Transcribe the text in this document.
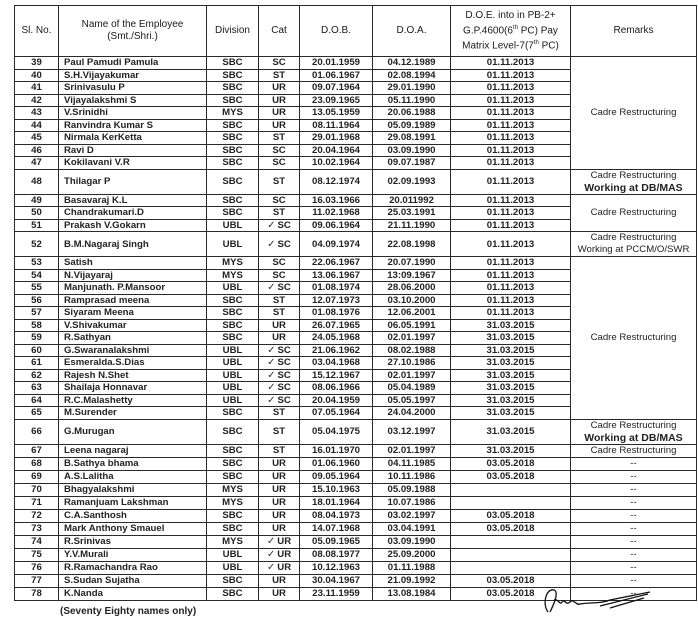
Sl. No.	Name of the Employee (Smt./Shri.)	Division	Cat	D.O.B.	D.O.A.	D.O.E. into in PB-2+ G.P.4600(6th PC) Pay Matrix Level-7(7th PC)	Remarks
39	Paul Pamudi Pamula	SBC	SC	20.01.1959	04.12.1989	01.11.2013	Cadre Restructuring

40	S.H.Vijayakumar	SBC	ST	01.06.1967	02.08.1994	01.11.2013	
41	Srinivasulu P	SBC	UR	09.07.1964	29.01.1990	01.11.2013	
42	Vijayalakshmi S	SBC	UR	23.09.1965	05.11.1990	01.11.2013	
43	V.Srinidhi	MYS	UR	13.05.1959	20.06.1988	01.11.2013	
44	Ranvindra Kumar S	SBC	UR	08.11.1964	05.09.1989	01.11.2013	
45	Nirmala KerKetta	SBC	ST	29.01.1968	29.08.1991	01.11.2013	
46	Ravi D	SBC	SC	20.04.1964	03.09.1990	01.11.2013	
47	Kokilavani V.R	SBC	SC	10.02.1964	09.07.1987	01.11.2013	
48	Thilagar P	SBC	ST	08.12.1974	02.09.1993	01.11.2013	Cadre Restructuring
Working at DB/MAS

49	Basavaraj K.L	SBC	SC	16.03.1966	20.011992	01.11.2013	Cadre Restructuring

50	Chandrakumari.D	SBC	ST	11.02.1968	25.03.1991	01.11.2013	
51	Prakash V.Gokarn	UBL	✓ SC	09.06.1964	21.11.1990	01.11.2013	
52	B.M.Nagaraj Singh	UBL	✓ SC	04.09.1974	22.08.1998	01.11.2013	Cadre Restructuring
Working at PCCM/O/SWR

53	Satish	MYS	SC	22.06.1967	20.07.1990	01.11.2013	Cadre Restructuring

54	N.Vijayaraj	MYS	SC	13.06.1967	13:09.1967	01.11.2013	
55	Manjunath. P.Mansoor	UBL	✓ SC	01.08.1974	28.06.2000	01.11.2013	
56	Ramprasad meena	SBC	ST	12.07.1973	03.10.2000	01.11.2013	
57	Siyaram Meena	SBC	ST	01.08.1976	12.06.2001	01.11.2013	
58	V.Shivakumar	SBC	UR	26.07.1965	06.05.1991	31.03.2015	
59	R.Sathyan	SBC	UR	24.05.1968	02.01.1997	31.03.2015	
60	G.Swaranalakshmi	UBL	✓ SC	21.06.1962	08.02.1988	31.03.2015	
61	Esmeralda.S.Dias	UBL	✓ SC	03.04.1968	27.10.1986	31.03.2015	
62	Rajesh N.Shet	UBL	✓ SC	15.12.1967	02.01.1997	31.03.2015	
63	Shailaja Honnavar	UBL	✓ SC	08.06.1966	05.04.1989	31.03.2015	
64	R.C.Malashetty	UBL	✓ SC	20.04.1959	05.05.1997	31.03.2015	
65	M.Surender	SBC	ST	07.05.1964	24.04.2000	31.03.2015	
66	G.Murugan	SBC	ST	05.04.1975	03.12.1997	31.03.2015	Cadre Restructuring
Working at DB/MAS

67	Leena nagaraj	SBC	ST	16.01.1970	02.01.1997	31.03.2015	Cadre Restructuring

68	B.Sathya bhama	SBC	UR	01.06.1960	04.11.1985	03.05.2018	--
69	A.S.Lalitha	SBC	UR	09.05.1964	10.11.1986	03.05.2018	--
70	Bhagyalakshmi	MYS	UR	15.10.1963	05.09.1988		--
71	Ramanjuam Lakshman	MYS	UR	18.01.1964	10.07.1986		--
72	C.A.Santhosh	SBC	UR	08.04.1973	03.02.1997	03.05.2018	--
73	Mark Anthony Smauel	SBC	UR	14.07.1968	03.04.1991	03.05.2018	--
74	R.Srinivas	MYS	✓ UR	05.09.1965	03.09.1990		--
75	Y.V.Murali	UBL	✓ UR	08.08.1977	25.09.2000		--
76	R.Ramachandra Rao	UBL	✓ UR	10.12.1963	01.11.1988		--
77	S.Sudan Sujatha	SBC	UR	30.04.1967	21.09.1992	03.05.2018	--
78	K.Nanda	SBC	UR	23.11.1959	13.08.1984	03.05.2018	--
(Seventy Eighty names only)
